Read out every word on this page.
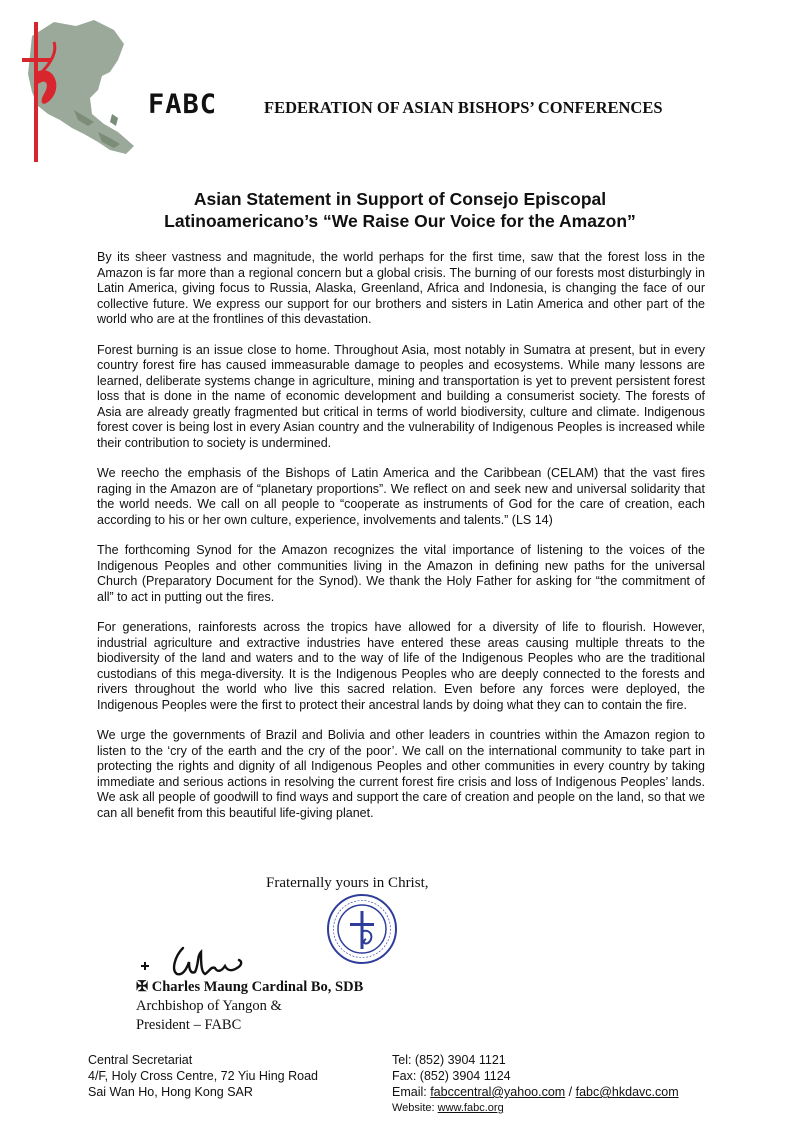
FABC	FEDERATION OF ASIAN BISHOPS’ CONFERENCES
Asian Statement in Support of Consejo Episcopal
Latinoamericano’s “We Raise Our Voice for the Amazon”

By its sheer vastness and magnitude, the world perhaps for the first time, saw that the forest loss in the Amazon is far more than a regional concern but a global crisis. The burning of our forests most disturbingly in Latin America, giving focus to Russia, Alaska, Greenland, Africa and Indonesia, is changing the face of our collective future. We express our support for our brothers and sisters in Latin America and other part of the world who are at the frontlines of this devastation.

Forest burning is an issue close to home. Throughout Asia, most notably in Sumatra at present, but in every country forest fire has caused immeasurable damage to peoples and ecosystems. While many lessons are learned, deliberate systems change in agriculture, mining and transportation is yet to prevent persistent forest loss that is done in the name of economic development and building a consumerist society. The forests of Asia are already greatly fragmented but critical in terms of world biodiversity, culture and climate. Indigenous forest cover is being lost in every Asian country and the vulnerability of Indigenous Peoples is increased while their contribution to society is undermined.

We reecho the emphasis of the Bishops of Latin America and the Caribbean (CELAM) that the vast fires raging in the Amazon are of “planetary proportions”. We reflect on and seek new and universal solidarity that the world needs. We call on all people to “cooperate as instruments of God for the care of creation, each according to his or her own culture, experience, involvements and talents.” (LS 14)

The forthcoming Synod for the Amazon recognizes the vital importance of listening to the voices of the Indigenous Peoples and other communities living in the Amazon in defining new paths for the universal Church (Preparatory Document for the Synod). We thank the Holy Father for asking for “the commitment of all” to act in putting out the fires.

For generations, rainforests across the tropics have allowed for a diversity of life to flourish. However, industrial agriculture and extractive industries have entered these areas causing multiple threats to the biodiversity of the land and waters and to the way of life of the Indigenous Peoples who are the traditional custodians of this mega-diversity. It is the Indigenous Peoples who are deeply connected to the forests and rivers throughout the world who live this sacred relation. Even before any forces were deployed, the Indigenous Peoples were the first to protect their ancestral lands by doing what they can to contain the fire.

We urge the governments of Brazil and Bolivia and other leaders in countries within the Amazon region to listen to the ‘cry of the earth and the cry of the poor’. We call on the international community to take part in protecting the rights and dignity of all Indigenous Peoples and other communities in every country by taking immediate and serious actions in resolving the current forest fire crisis and loss of Indigenous Peoples’ lands. We ask all people of goodwill to find ways and support the care of creation and people on the land, so that we can all benefit from this beautiful life-giving planet.

Fraternally yours in Christ,
✠ Charles Maung Cardinal Bo, SDB
Archbishop of Yangon &
President – FABC
Central Secretariat
4/F, Holy Cross Centre, 72 Yiu Hing Road
Sai Wan Ho, Hong Kong SAR
Tel: (852) 3904 1121
Fax: (852) 3904 1124
Email: fabccentral@yahoo.com / fabc@hkdavc.com
Website: www.fabc.org
